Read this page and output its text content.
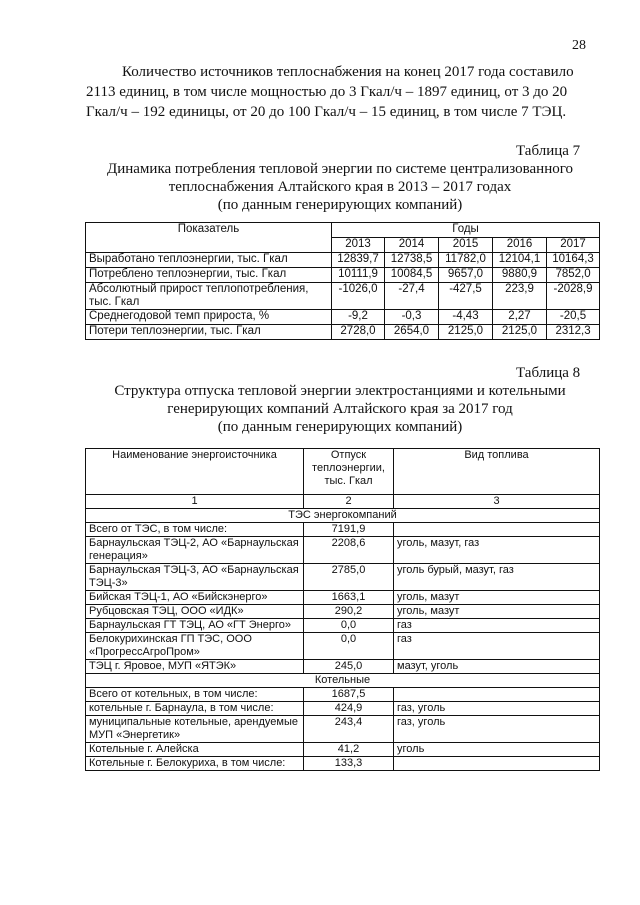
28
Количество источников теплоснабжения на конец 2017 года составило
2113 единиц, в том числе мощностью до 3 Гкал/ч – 1897 единиц, от 3 до 20
Гкал/ч – 192 единицы, от 20 до 100 Гкал/ч – 15 единиц, в том числе 7 ТЭЦ.
Таблица 7
Динамика потребления тепловой энергии по системе централизованного
теплоснабжения Алтайского края в 2013 – 2017 годах
(по данным генерирующих компаний)
Показатель	Годы				
	2013	2014	2015	2016	2017
Выработано теплоэнергии, тыс. Гкал	12839,7	12738,5	11782,0	12104,1	10164,3
Потреблено теплоэнергии, тыс. Гкал	10111,9	10084,5	9657,0	9880,9	7852,0
Абсолютный прирост теплопотребления, тыс. Гкал	-1026,0	-27,4	-427,5	223,9	-2028,9
Среднегодовой темп прироста, %	-9,2	-0,3	-4,43	2,27	-20,5
Потери теплоэнергии, тыс. Гкал	2728,0	2654,0	2125,0	2125,0	2312,3
Таблица 8
Структура отпуска тепловой энергии электростанциями и котельными
генерирующих компаний Алтайского края за 2017 год
(по данным генерирующих компаний)
Наименование энергоисточника	Отпуск теплоэнергии, тыс. Гкал	Вид топлива
1	2	3
ТЭС энергокомпаний		
Всего от ТЭС, в том числе:	7191,9	
Барнаульская ТЭЦ-2, АО «Барнаульская генерация»	2208,6	уголь, мазут, газ
Барнаульская ТЭЦ-3, АО «Барнаульская ТЭЦ-3»	2785,0	уголь бурый, мазут, газ
Бийская ТЭЦ-1, АО «Бийскэнерго»	1663,1	уголь, мазут
Рубцовская ТЭЦ, ООО «ИДК»	290,2	уголь, мазут
Барнаульская ГТ ТЭЦ, АО «ГТ Энерго»	0,0	газ
Белокурихинская ГП ТЭС, ООО «ПрогрессАгроПром»	0,0	газ
ТЭЦ г. Яровое, МУП «ЯТЭК»	245,0	мазут, уголь
Котельные		
Всего от котельных, в том числе:	1687,5	
котельные г. Барнаула, в том числе:	424,9	газ, уголь
муниципальные котельные, арендуемые МУП «Энергетик»	243,4	газ, уголь
Котельные г. Алейска	41,2	уголь
Котельные г. Белокуриха, в том числе:	133,3	
